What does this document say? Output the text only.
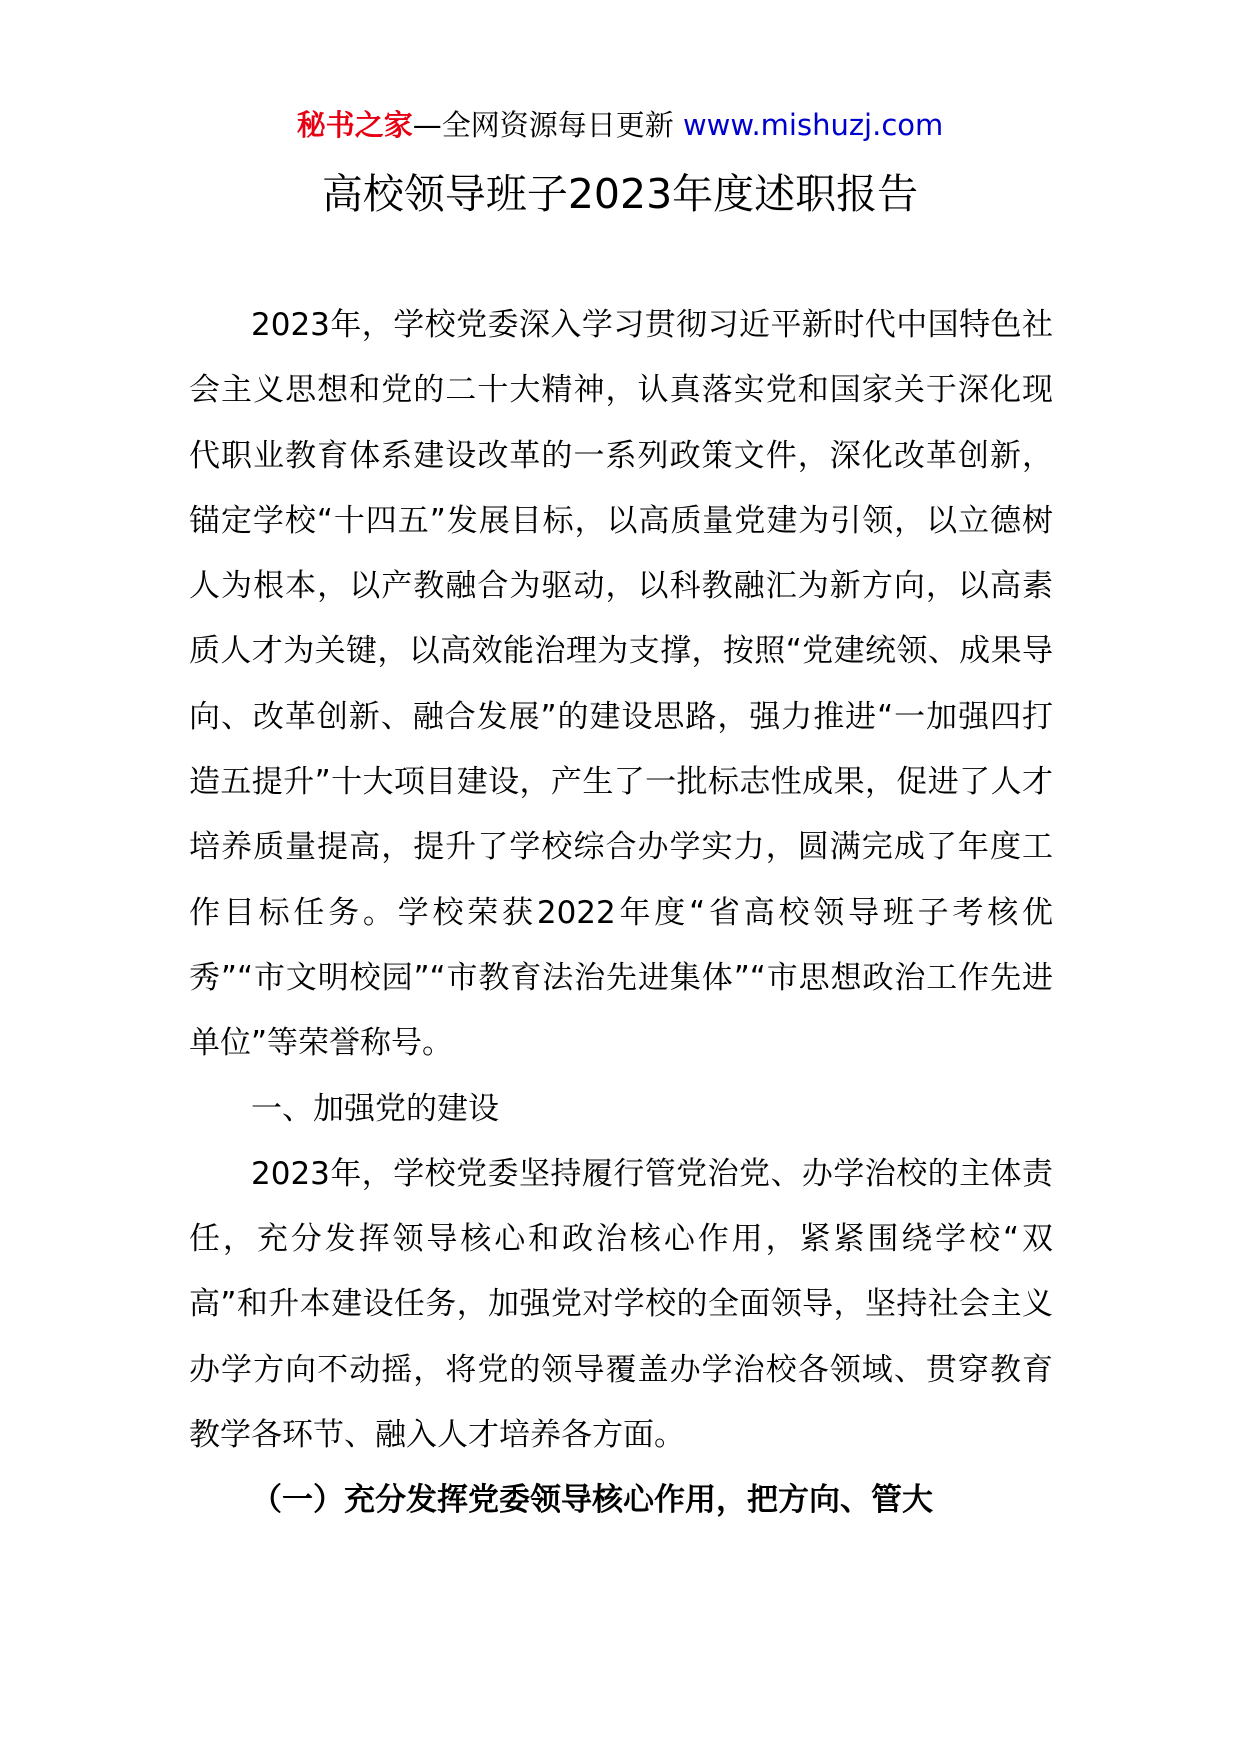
秘书之家—全网资源每日更新 www.mishuzj.com
高校领导班子2023年度述职报告

2023年，学校党委深入学习贯彻习近平新时代中国特色社会主义思想和党的二十大精神，认真落实党和国家关于深化现代职业教育体系建设改革的一系列政策文件，深化改革创新，锚定学校“十四五”发展目标，以高质量党建为引领，以立德树人为根本，以产教融合为驱动，以科教融汇为新方向，以高素质人才为关键，以高效能治理为支撑，按照“党建统领、成果导向、改革创新、融合发展”的建设思路，强力推进“一加强四打造五提升”十大项目建设，产生了一批标志性成果，促进了人才培养质量提高，提升了学校综合办学实力，圆满完成了年度工作目标任务。学校荣获2022年度“省高校领导班子考核优秀”“市文明校园”“市教育法治先进集体”“市思想政治工作先进单位”等荣誉称号。

一、加强党的建设

2023年，学校党委坚持履行管党治党、办学治校的主体责任，充分发挥领导核心和政治核心作用，紧紧围绕学校“双高”和升本建设任务，加强党对学校的全面领导，坚持社会主义办学方向不动摇，将党的领导覆盖办学治校各领域、贯穿教育教学各环节、融入人才培养各方面。

（一）充分发挥党委领导核心作用，把方向、管大
